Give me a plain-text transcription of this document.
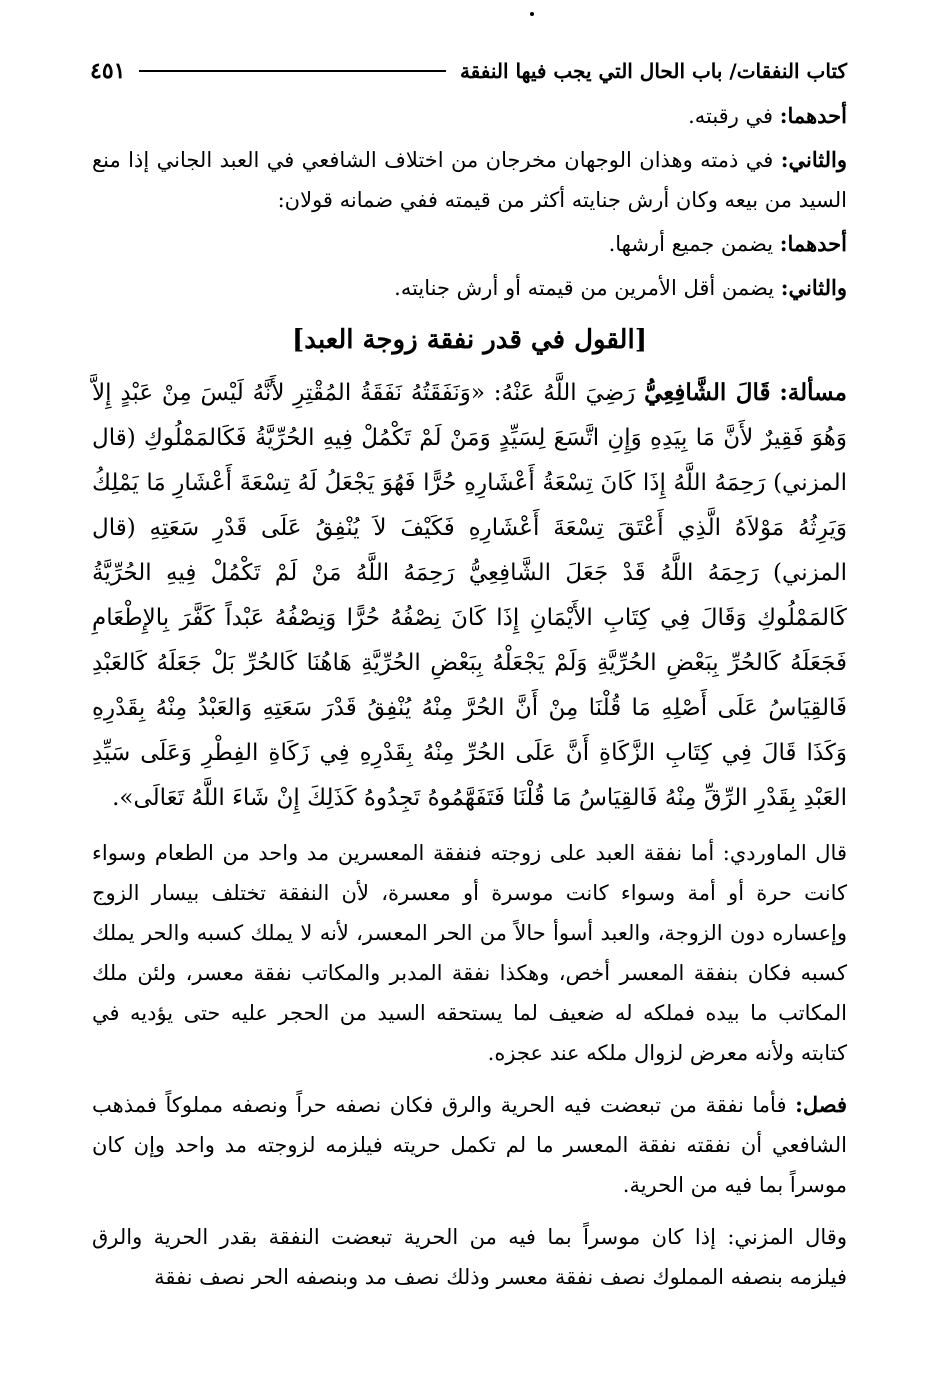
كتاب النفقات/ باب الحال التي يجب فيها النفقة
٤٥١

أحدهما: في رقبته.

والثاني: في ذمته وهذان الوجهان مخرجان من اختلاف الشافعي في العبد الجاني إذا منع السيد من بيعه وكان أرش جنايته أكثر من قيمته ففي ضمانه قولان:

أحدهما: يضمن جميع أرشها.

والثاني: يضمن أقل الأمرين من قيمته أو أرش جنايته.

[القول في قدر نفقة زوجة العبد]

مسألة: قَالَ الشَّافِعِيُّ رَضِيَ اللَّهُ عَنْهُ: «وَنَفَقَتُهُ نَفَقَةُ المُقْتِرِ لأَنَّهُ لَيْسَ مِنْ عَبْدٍ إِلاَّ وَهُوَ فَقِيرٌ لأَنَّ مَا بِيَدِهِ وَإِنِ اتَّسَعَ لِسَيِّدٍ وَمَنْ لَمْ تَكْمُلْ فِيهِ الحُرِّيَّةُ فَكَالمَمْلُوكِ (قال المزني) رَحِمَهُ اللَّهُ إِذَا كَانَ تِسْعَةُ أَعْشَارِهِ حُرًّا فَهُوَ يَجْعَلُ لَهُ تِسْعَةَ أَعْشَارِ مَا يَمْلِكُ وَيَرِثُهُ مَوْلاَهُ الَّذِي أَعْتَقَ تِسْعَةَ أَعْشَارِهِ فَكَيْفَ لاَ يُنْفِقُ عَلَى قَدْرِ سَعَتِهِ (قال المزني) رَحِمَهُ اللَّهُ قَدْ جَعَلَ الشَّافِعِيُّ رَحِمَهُ اللَّهُ مَنْ لَمْ تَكْمُلْ فِيهِ الحُرِّيَّةُ كَالمَمْلُوكِ وَقَالَ فِي كِتَابِ الأَيْمَانِ إِذَا كَانَ نِصْفُهُ حُرًّا وَنِصْفُهُ عَبْداً كَفَّرَ بِالإِطْعَامِ فَجَعَلَهُ كَالحُرِّ بِبَعْضِ الحُرِّيَّةِ وَلَمْ يَجْعَلْهُ بِبَعْضِ الحُرِّيَّةِ هَاهُنَا كَالحُرِّ بَلْ جَعَلَهُ كَالعَبْدِ فَالقِيَاسُ عَلَى أَصْلِهِ مَا قُلْنَا مِنْ أَنَّ الحُرَّ مِنْهُ يُنْفِقُ قَدْرَ سَعَتِهِ وَالعَبْدُ مِنْهُ بِقَدْرِهِ وَكَذَا قَالَ فِي كِتَابِ الزَّكَاةِ أَنَّ عَلَى الحُرِّ مِنْهُ بِقَدْرِهِ فِي زَكَاةِ الفِطْرِ وَعَلَى سَيِّدِ العَبْدِ بِقَدْرِ الرِّقِّ مِنْهُ فَالقِيَاسُ مَا قُلْنَا فَتَفَهَّمُوهُ تَجِدُوهُ كَذَلِكَ إِنْ شَاءَ اللَّهُ تَعَالَى».

قال الماوردي: أما نفقة العبد على زوجته فنفقة المعسرين مد واحد من الطعام وسواء كانت حرة أو أمة وسواء كانت موسرة أو معسرة، لأن النفقة تختلف بيسار الزوج وإعساره دون الزوجة، والعبد أسوأ حالاً من الحر المعسر، لأنه لا يملك كسبه والحر يملك كسبه فكان بنفقة المعسر أخص، وهكذا نفقة المدبر والمكاتب نفقة معسر، ولئن ملك المكاتب ما بيده فملكه له ضعيف لما يستحقه السيد من الحجر عليه حتى يؤديه في كتابته ولأنه معرض لزوال ملكه عند عجزه.

فصل: فأما نفقة من تبعضت فيه الحرية والرق فكان نصفه حراً ونصفه مملوكاً فمذهب الشافعي أن نفقته نفقة المعسر ما لم تكمل حريته فيلزمه لزوجته مد واحد وإن كان موسراً بما فيه من الحرية.

وقال المزني: إذا كان موسراً بما فيه من الحرية تبعضت النفقة بقدر الحرية والرق فيلزمه بنصفه المملوك نصف نفقة معسر وذلك نصف مد وبنصفه الحر نصف نفقة
